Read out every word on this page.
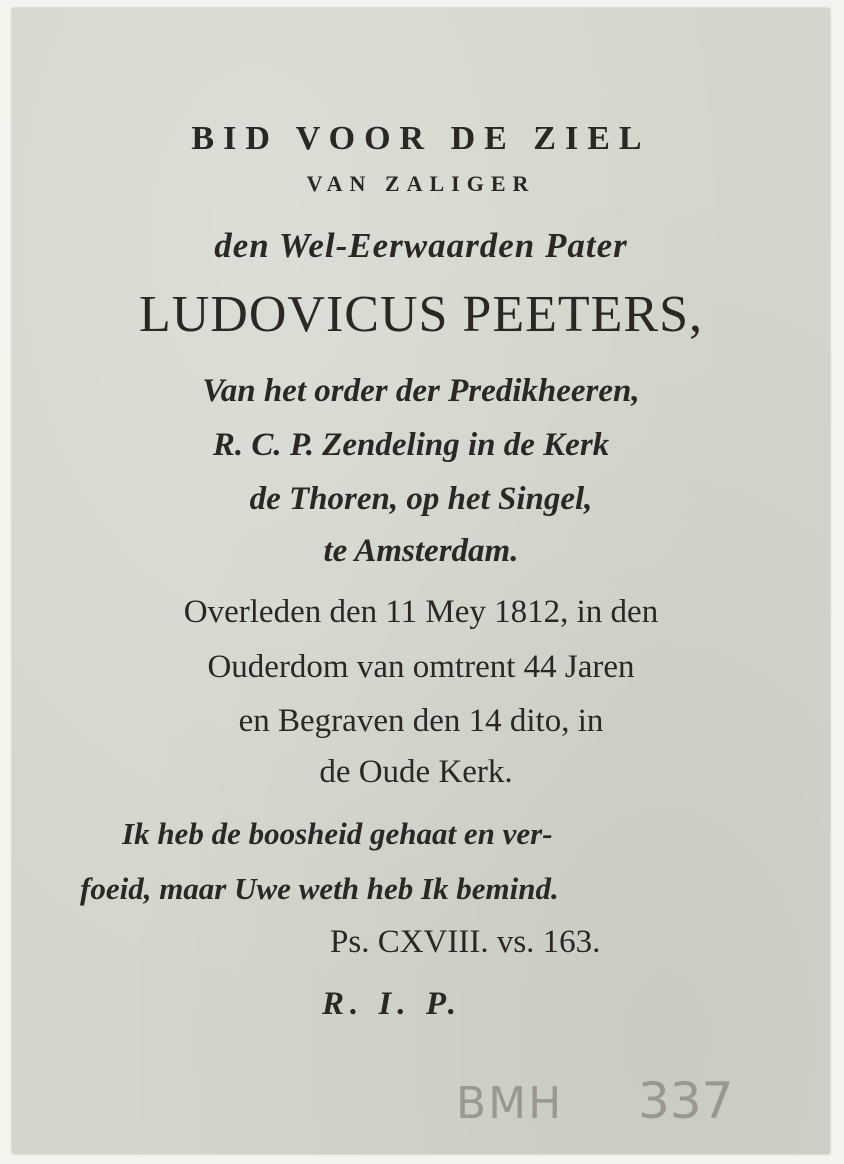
BID VOOR DE ZIEL
VAN ZALIGER
den Wel-Eerwaarden Pater
LUDOVICUS PEETERS,
Van het order der Predikheeren,
R. C. P. Zendeling in de Kerk
de Thoren, op het Singel,
te Amsterdam.
Overleden den 11 Mey 1812, in den
Ouderdom van omtrent 44 Jaren
en Begraven den 14 dito, in
de Oude Kerk.
Ik heb de boosheid gehaat en ver-
foeid, maar Uwe weth heb Ik bemind.
Ps. CXVIII. vs. 163.
R. I. P.
BMH 337
